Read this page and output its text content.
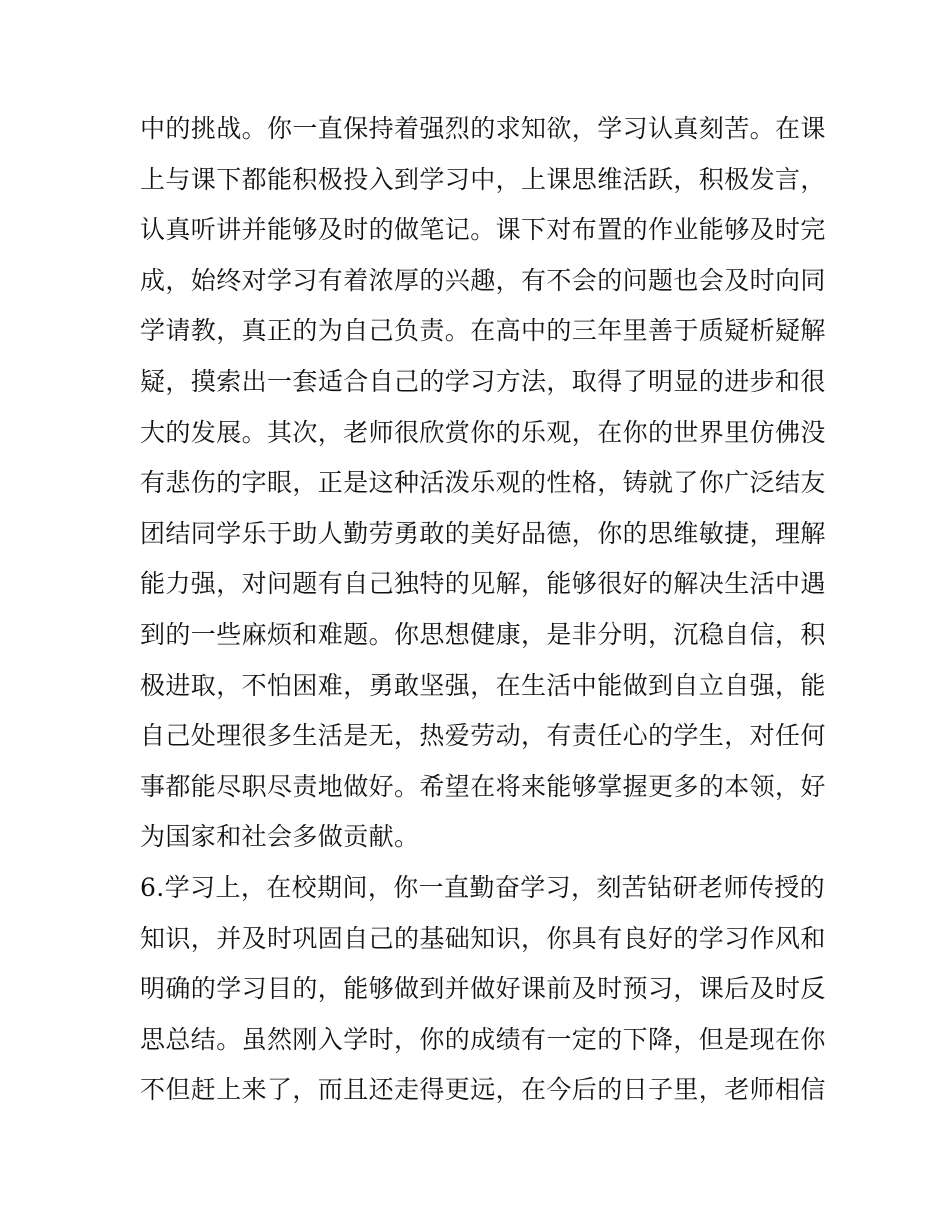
中的挑战。你一直保持着强烈的求知欲，学习认真刻苦。在课
上与课下都能积极投入到学习中，上课思维活跃，积极发言，
认真听讲并能够及时的做笔记。课下对布置的作业能够及时完
成，始终对学习有着浓厚的兴趣，有不会的问题也会及时向同
学请教，真正的为自己负责。在高中的三年里善于质疑析疑解
疑，摸索出一套适合自己的学习方法，取得了明显的进步和很
大的发展。其次，老师很欣赏你的乐观，在你的世界里仿佛没
有悲伤的字眼，正是这种活泼乐观的性格，铸就了你广泛结友
团结同学乐于助人勤劳勇敢的美好品德，你的思维敏捷，理解
能力强，对问题有自己独特的见解，能够很好的解决生活中遇
到的一些麻烦和难题。你思想健康，是非分明，沉稳自信，积
极进取，不怕困难，勇敢坚强，在生活中能做到自立自强，能
自己处理很多生活是无，热爱劳动，有责任心的学生，对任何
事都能尽职尽责地做好。希望在将来能够掌握更多的本领，好
为国家和社会多做贡献。
6.学习上，在校期间，你一直勤奋学习，刻苦钻研老师传授的
知识，并及时巩固自己的基础知识，你具有良好的学习作风和
明确的学习目的，能够做到并做好课前及时预习，课后及时反
思总结。虽然刚入学时，你的成绩有一定的下降，但是现在你
不但赶上来了，而且还走得更远，在今后的日子里，老师相信
